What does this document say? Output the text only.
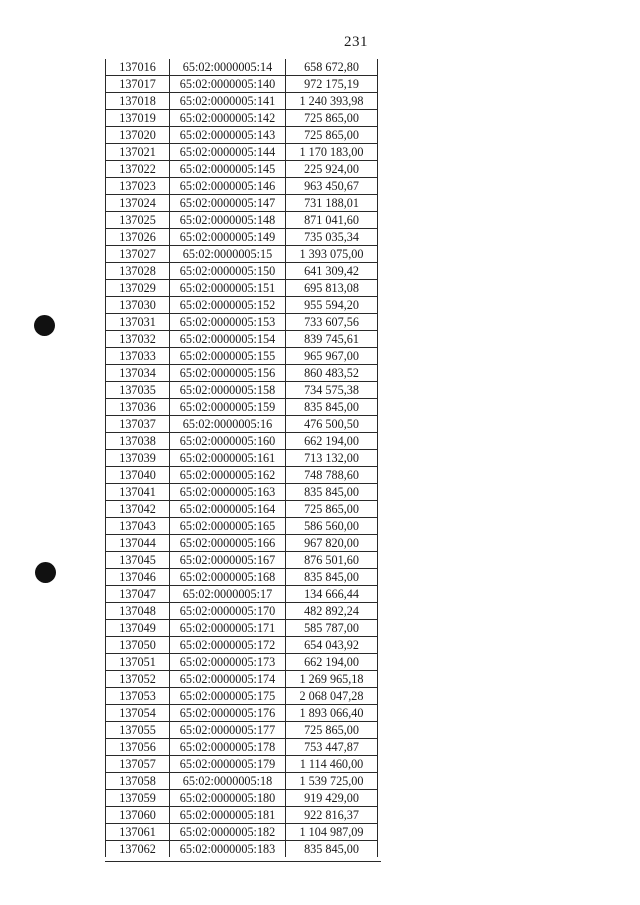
231
137016	65:02:0000005:14	658 672,80
137017	65:02:0000005:140	972 175,19
137018	65:02:0000005:141	1 240 393,98
137019	65:02:0000005:142	725 865,00
137020	65:02:0000005:143	725 865,00
137021	65:02:0000005:144	1 170 183,00
137022	65:02:0000005:145	225 924,00
137023	65:02:0000005:146	963 450,67
137024	65:02:0000005:147	731 188,01
137025	65:02:0000005:148	871 041,60
137026	65:02:0000005:149	735 035,34
137027	65:02:0000005:15	1 393 075,00
137028	65:02:0000005:150	641 309,42
137029	65:02:0000005:151	695 813,08
137030	65:02:0000005:152	955 594,20
137031	65:02:0000005:153	733 607,56
137032	65:02:0000005:154	839 745,61
137033	65:02:0000005:155	965 967,00
137034	65:02:0000005:156	860 483,52
137035	65:02:0000005:158	734 575,38
137036	65:02:0000005:159	835 845,00
137037	65:02:0000005:16	476 500,50
137038	65:02:0000005:160	662 194,00
137039	65:02:0000005:161	713 132,00
137040	65:02:0000005:162	748 788,60
137041	65:02:0000005:163	835 845,00
137042	65:02:0000005:164	725 865,00
137043	65:02:0000005:165	586 560,00
137044	65:02:0000005:166	967 820,00
137045	65:02:0000005:167	876 501,60
137046	65:02:0000005:168	835 845,00
137047	65:02:0000005:17	134 666,44
137048	65:02:0000005:170	482 892,24
137049	65:02:0000005:171	585 787,00
137050	65:02:0000005:172	654 043,92
137051	65:02:0000005:173	662 194,00
137052	65:02:0000005:174	1 269 965,18
137053	65:02:0000005:175	2 068 047,28
137054	65:02:0000005:176	1 893 066,40
137055	65:02:0000005:177	725 865,00
137056	65:02:0000005:178	753 447,87
137057	65:02:0000005:179	1 114 460,00
137058	65:02:0000005:18	1 539 725,00
137059	65:02:0000005:180	919 429,00
137060	65:02:0000005:181	922 816,37
137061	65:02:0000005:182	1 104 987,09
137062	65:02:0000005:183	835 845,00
